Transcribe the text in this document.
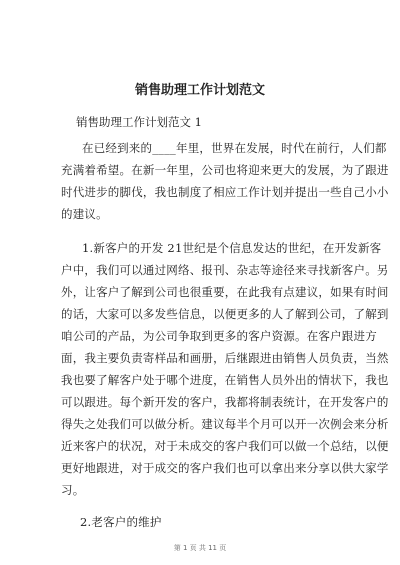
销售助理工作计划范文
销售助理工作计划范文 1
在已经到来的____年里，世界在发展，时代在前行，人们都
充满着希望。在新一年里，公司也将迎来更大的发展，为了跟进
时代进步的脚伐，我也制度了相应工作计划并提出一些自己小小
的建议。
1.新客户的开发 21世纪是个信息发达的世纪，在开发新客
户中，我们可以通过网络、报刊、杂志等途径来寻找新客户。另
外，让客户了解到公司也很重要，在此我有点建议，如果有时间
的话，大家可以多发些信息，以便更多的人了解到公司，了解到
咱公司的产品，为公司争取到更多的客户资源。在客户跟进方
面，我主要负责寄样品和画册，后继跟进由销售人员负责，当然
我也要了解客户处于哪个进度，在销售人员外出的情状下，我也
可以跟进。每个新开发的客户，我都将制表统计，在开发客户的
得失之处我们可以做分析。建议每半个月可以开一次例会来分析
近来客户的状况，对于未成交的客户我们可以做一个总结，以便
更好地跟进，对于成交的客户我们也可以拿出来分享以供大家学
习。
2.老客户的维护
第 1 页 共 11 页
